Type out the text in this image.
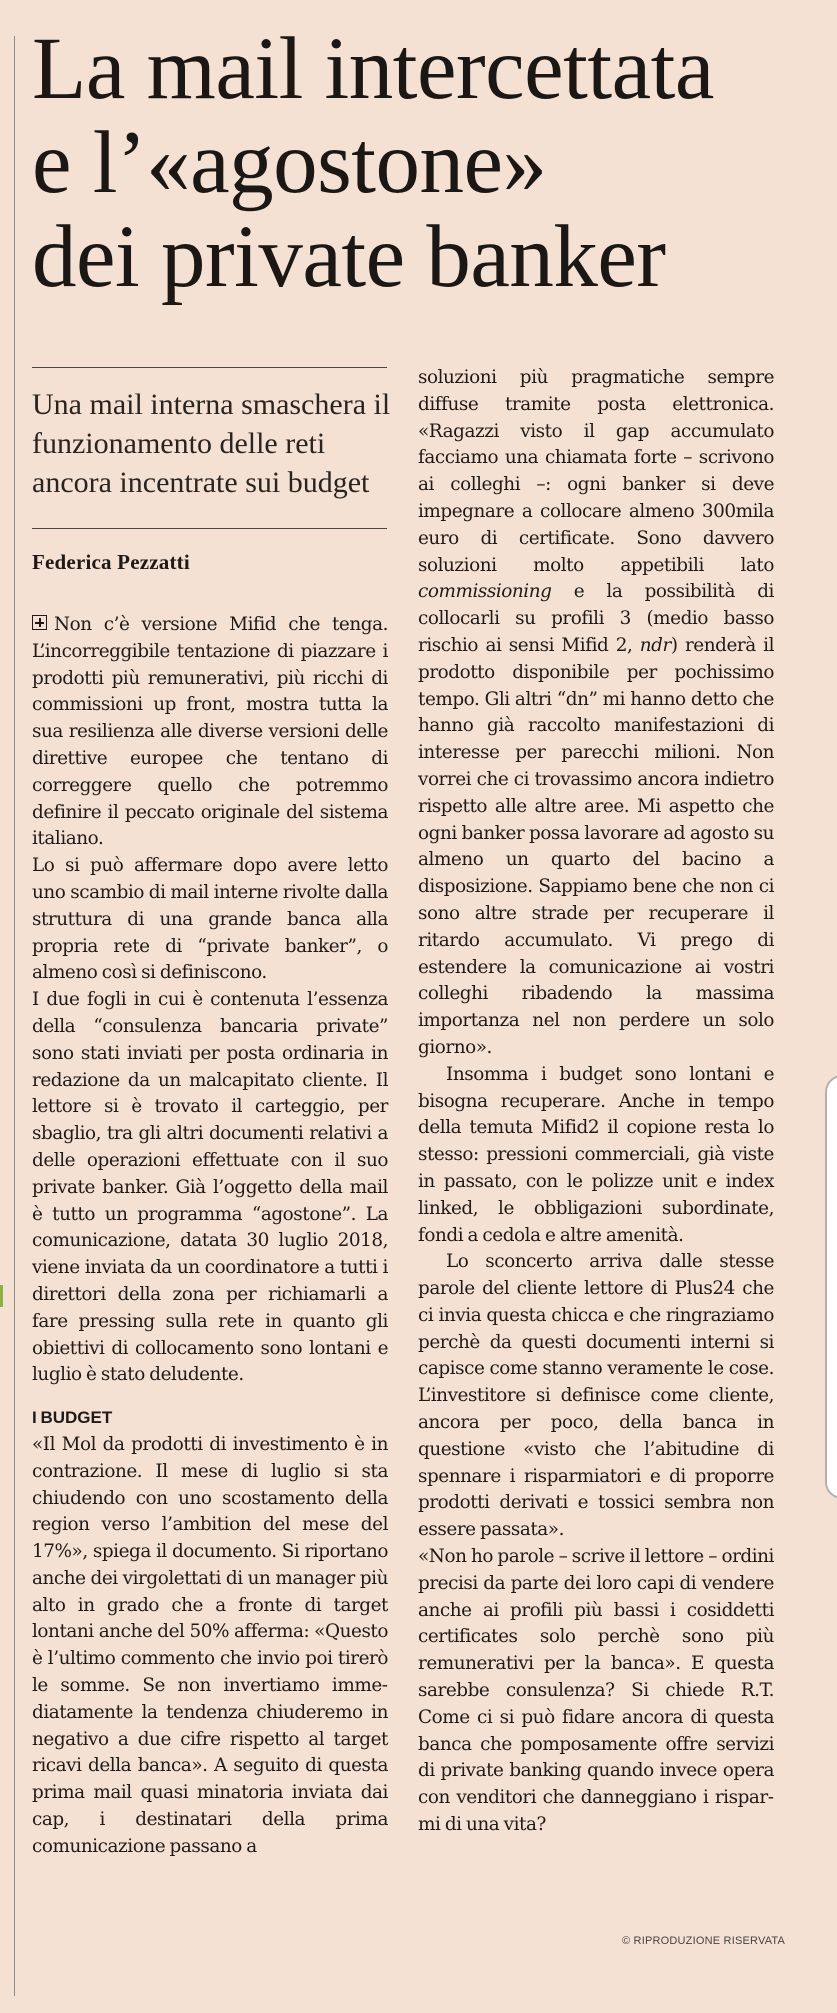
La mail intercettata
e l’«agostone»
dei private banker
Una mail interna smaschera il funzionamento delle reti ancora incentrate sui budget
Federica Pezzatti

Non c’è versione Mifid che tenga. L’incorreggibile tentazione di piazzare i prodotti più remunerativi, più ricchi di commissioni up front, mostra tutta la sua resilienza alle diverse versioni delle direttive europee che tentano di correggere quello che potremmo definire il peccato originale del sistema italiano.

Lo si può affermare dopo avere letto uno scambio di mail interne rivolte dalla struttura di una grande banca alla propria rete di “private banker”, o almeno così si definiscono.

I due fogli in cui è contenuta l’essenza della “consulenza bancaria private” sono stati inviati per posta ordinaria in redazione da un malcapitato cliente. Il lettore si è trovato il carteggio, per sbaglio, tra gli altri documenti relativi a delle operazioni effettuate con il suo private banker. Già l’oggetto della mail è tutto un programma “agostone”. La comunicazione, datata 30 luglio 2018, viene inviata da un coordinatore a tutti i direttori della zona per richiamarli a fare pressing sulla rete in quanto gli obiettivi di collocamento sono lontani e luglio è stato deludente.

I BUDGET

«Il Mol da prodotti di investimento è in contrazione. Il mese di luglio si sta chiudendo con uno scostamento della region verso l’ambition del mese del 17%», spiega il documento. Si riportano anche dei virgolettati di un manager più alto in grado che a fronte di target lontani anche del 50% afferma: «Questo è l’ultimo commento che invio poi tirerò le somme. Se non invertiamo immediatamente la tendenza chiuderemo in negativo a due cifre rispetto al target ricavi della banca». A seguito di questa prima mail quasi minatoria inviata dai cap, i destinatari della prima comunicazione passano a

soluzioni più pragmatiche sempre diffuse tramite posta elettronica. «Ragazzi visto il gap accumulato facciamo una chiamata forte – scrivono ai colleghi –: ogni banker si deve impegnare a collocare almeno 300mila euro di certificate. Sono davvero soluzioni molto appetibili lato commissioning e la possibilità di collocarli su profili 3 (medio basso rischio ai sensi Mifid 2, ndr) renderà il prodotto disponibile per pochissimo tempo. Gli altri “dn” mi hanno detto che hanno già raccolto manifestazioni di interesse per parecchi milioni. Non vorrei che ci trovassimo ancora indietro rispetto alle altre aree. Mi aspetto che ogni banker possa lavorare ad agosto su almeno un quarto del bacino a disposizione. Sappiamo bene che non ci sono altre strade per recuperare il ritardo accumulato. Vi prego di estendere la comunicazione ai vostri colleghi ribadendo la massima importanza nel non perdere un solo giorno».

Insomma i budget sono lontani e bisogna recuperare. Anche in tempo della temuta Mifid2 il copione resta lo stesso: pressioni commerciali, già viste in passato, con le polizze unit e index linked, le obbligazioni subordinate, fondi a cedola e altre amenità.

Lo sconcerto arriva dalle stesse parole del cliente lettore di Plus24 che ci invia questa chicca e che ringraziamo perchè da questi documenti interni si capisce come stanno veramente le cose. L’investitore si definisce come cliente, ancora per poco, della banca in questione «visto che l’abitudine di spennare i risparmiatori e di proporre prodotti derivati e tossici sembra non essere passata».

«Non ho parole – scrive il lettore – ordini precisi da parte dei loro capi di vendere anche ai profili più bassi i cosiddetti certificates solo perchè sono più remunerativi per la banca». E questa sarebbe consulenza? Si chiede R.T. Come ci si può fidare ancora di questa banca che pomposamente offre servizi di private banking quando invece opera con venditori che danneggiano i risparmi di una vita?

© RIPRODUZIONE RISERVATA
